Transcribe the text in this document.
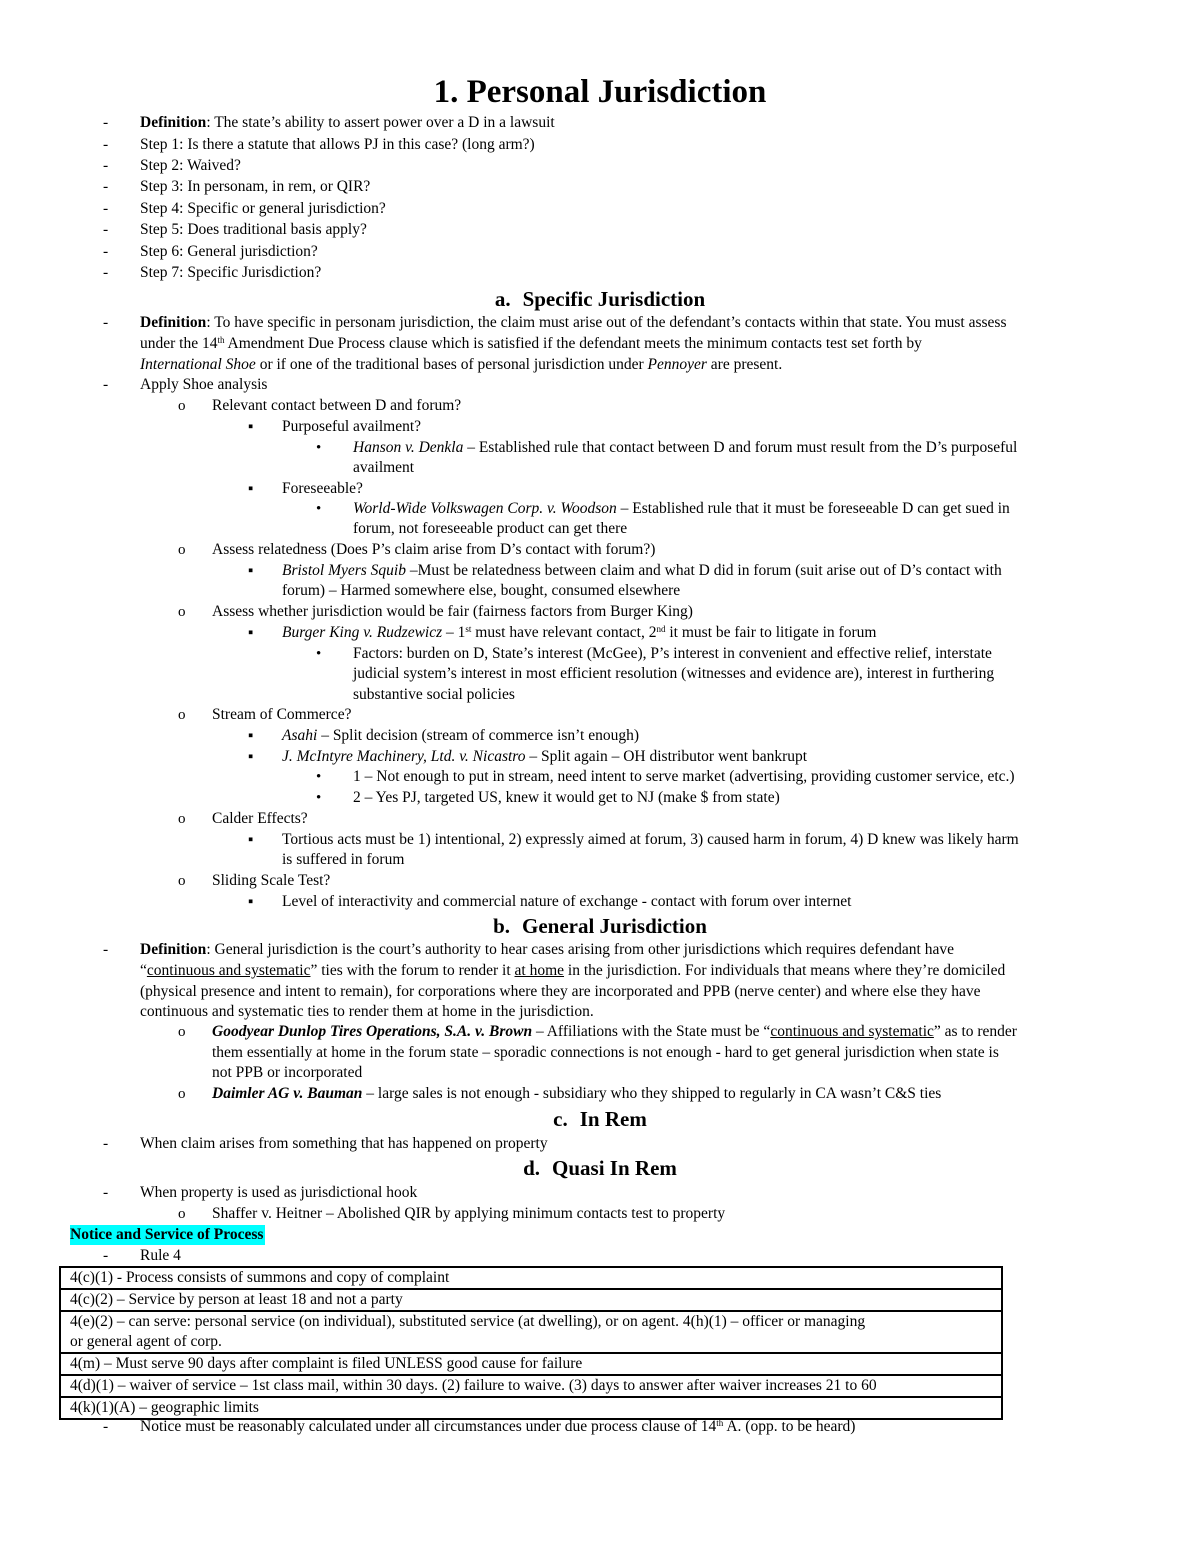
1. Personal Jurisdiction
- Definition: The state’s ability to assert power over a D in a lawsuit
- Step 1: Is there a statute that allows PJ in this case? (long arm?)
- Step 2: Waived?
- Step 3: In personam, in rem, or QIR?
- Step 4: Specific or general jurisdiction?
- Step 5: Does traditional basis apply?
- Step 6: General jurisdiction?
- Step 7: Specific Jurisdiction?
a. Specific Jurisdiction
- Definition: To have specific in personam jurisdiction, the claim must arise out of the defendant’s contacts within that state. You must assess
under the 14th Amendment Due Process clause which is satisfied if the defendant meets the minimum contacts test set forth by
International Shoe or if one of the traditional bases of personal jurisdiction under Pennoyer are present.
- Apply Shoe analysis
o Relevant contact between D and forum?
▪ Purposeful availment?
• Hanson v. Denkla – Established rule that contact between D and forum must result from the D’s purposeful
availment
▪ Foreseeable?
• World-Wide Volkswagen Corp. v. Woodson – Established rule that it must be foreseeable D can get sued in
forum, not foreseeable product can get there
o Assess relatedness (Does P’s claim arise from D’s contact with forum?)
▪ Bristol Myers Squib –Must be relatedness between claim and what D did in forum (suit arise out of D’s contact with
forum) – Harmed somewhere else, bought, consumed elsewhere
o Assess whether jurisdiction would be fair (fairness factors from Burger King)
▪ Burger King v. Rudzewicz – 1st must have relevant contact, 2nd it must be fair to litigate in forum
• Factors: burden on D, State’s interest (McGee), P’s interest in convenient and effective relief, interstate
judicial system’s interest in most efficient resolution (witnesses and evidence are), interest in furthering
substantive social policies
o Stream of Commerce?
▪ Asahi – Split decision (stream of commerce isn’t enough)
▪ J. McIntyre Machinery, Ltd. v. Nicastro – Split again – OH distributor went bankrupt
• 1 – Not enough to put in stream, need intent to serve market (advertising, providing customer service, etc.)
• 2 – Yes PJ, targeted US, knew it would get to NJ (make $ from state)
o Calder Effects?
▪ Tortious acts must be 1) intentional, 2) expressly aimed at forum, 3) caused harm in forum, 4) D knew was likely harm
is suffered in forum
o Sliding Scale Test?
▪ Level of interactivity and commercial nature of exchange - contact with forum over internet
b. General Jurisdiction
- Definition: General jurisdiction is the court’s authority to hear cases arising from other jurisdictions which requires defendant have
“continuous and systematic” ties with the forum to render it at home in the jurisdiction. For individuals that means where they’re domiciled
(physical presence and intent to remain), for corporations where they are incorporated and PPB (nerve center) and where else they have
continuous and systematic ties to render them at home in the jurisdiction.
o Goodyear Dunlop Tires Operations, S.A. v. Brown – Affiliations with the State must be “continuous and systematic” as to render
them essentially at home in the forum state – sporadic connections is not enough - hard to get general jurisdiction when state is
not PPB or incorporated
o Daimler AG v. Bauman – large sales is not enough - subsidiary who they shipped to regularly in CA wasn’t C&S ties
c. In Rem
- When claim arises from something that has happened on property
d. Quasi In Rem
- When property is used as jurisdictional hook
o Shaffer v. Heitner – Abolished QIR by applying minimum contacts test to property
Notice and Service of Process
- Rule 4
4(c)(1) - Process consists of summons and copy of complaint
4(c)(2) – Service by person at least 18 and not a party

4(e)(2) – can serve: personal service (on individual), substituted service (at dwelling), or on agent. 4(h)(1) – officer or managing
or general agent of corp.

4(m) – Must serve 90 days after complaint is filed UNLESS good cause for failure
4(d)(1) – waiver of service – 1st class mail, within 30 days. (2) failure to waive. (3) days to answer after waiver increases 21 to 60
4(k)(1)(A) – geographic limits
- Notice must be reasonably calculated under all circumstances under due process clause of 14th A. (opp. to be heard)
